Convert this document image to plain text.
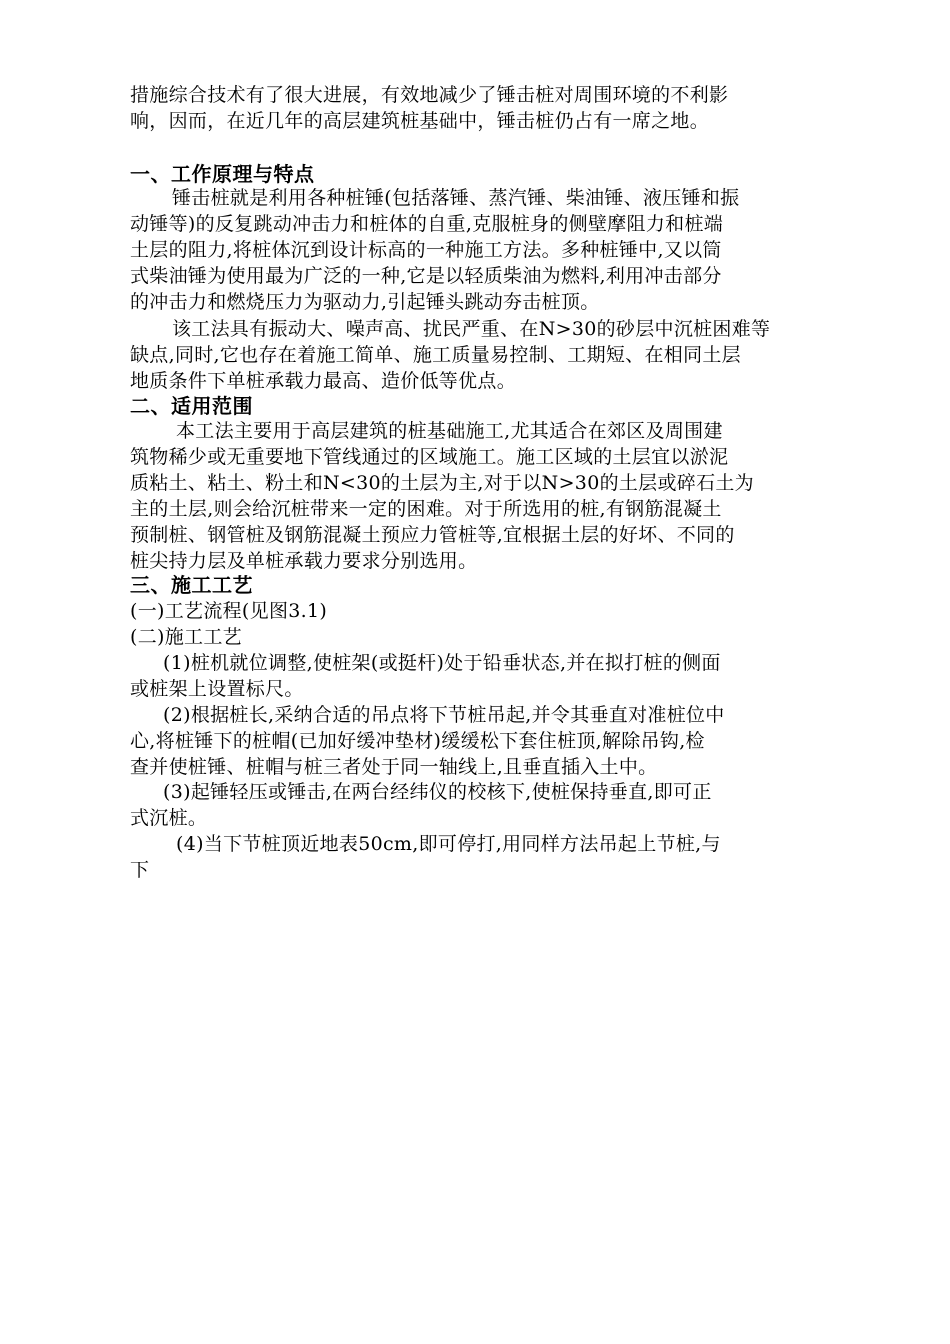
措施综合技术有了很大进展，有效地减少了锤击桩对周围环境的不利影
响，因而，在近几年的高层建筑桩基础中，锤击桩仍占有一席之地。
一、工作原理与特点
锤击桩就是利用各种桩锤(包括落锤、蒸汽锤、柴油锤、液压锤和振
动锤等)的反复跳动冲击力和桩体的自重,克服桩身的侧壁摩阻力和桩端
土层的阻力,将桩体沉到设计标高的一种施工方法。多种桩锤中,又以筒
式柴油锤为使用最为广泛的一种,它是以轻质柴油为燃料,利用冲击部分
的冲击力和燃烧压力为驱动力,引起锤头跳动夯击桩顶。
该工法具有振动大、噪声高、扰民严重、在N>30的砂层中沉桩困难等
缺点,同时,它也存在着施工简单、施工质量易控制、工期短、在相同土层
地质条件下单桩承载力最高、造价低等优点。
二、适用范围
本工法主要用于高层建筑的桩基础施工,尤其适合在郊区及周围建
筑物稀少或无重要地下管线通过的区域施工。施工区域的土层宜以淤泥
质粘土、粘土、粉土和N<30的土层为主,对于以N>30的土层或碎石土为
主的土层,则会给沉桩带来一定的困难。对于所选用的桩,有钢筋混凝土
预制桩、钢管桩及钢筋混凝土预应力管桩等,宜根据土层的好坏、不同的
桩尖持力层及单桩承载力要求分别选用。
三、施工工艺
(一)工艺流程(见图3.1)
(二)施工工艺
(1)桩机就位调整,使桩架(或挺杆)处于铅垂状态,并在拟打桩的侧面
或桩架上设置标尺。
(2)根据桩长,采纳合适的吊点将下节桩吊起,并令其垂直对准桩位中
心,将桩锤下的桩帽(已加好缓冲垫材)缓缓松下套住桩顶,解除吊钩,检
查并使桩锤、桩帽与桩三者处于同一轴线上,且垂直插入土中。
(3)起锤轻压或锤击,在两台经纬仪的校核下,使桩保持垂直,即可正
式沉桩。
(4)当下节桩顶近地表50cm,即可停打,用同样方法吊起上节桩,与
下
